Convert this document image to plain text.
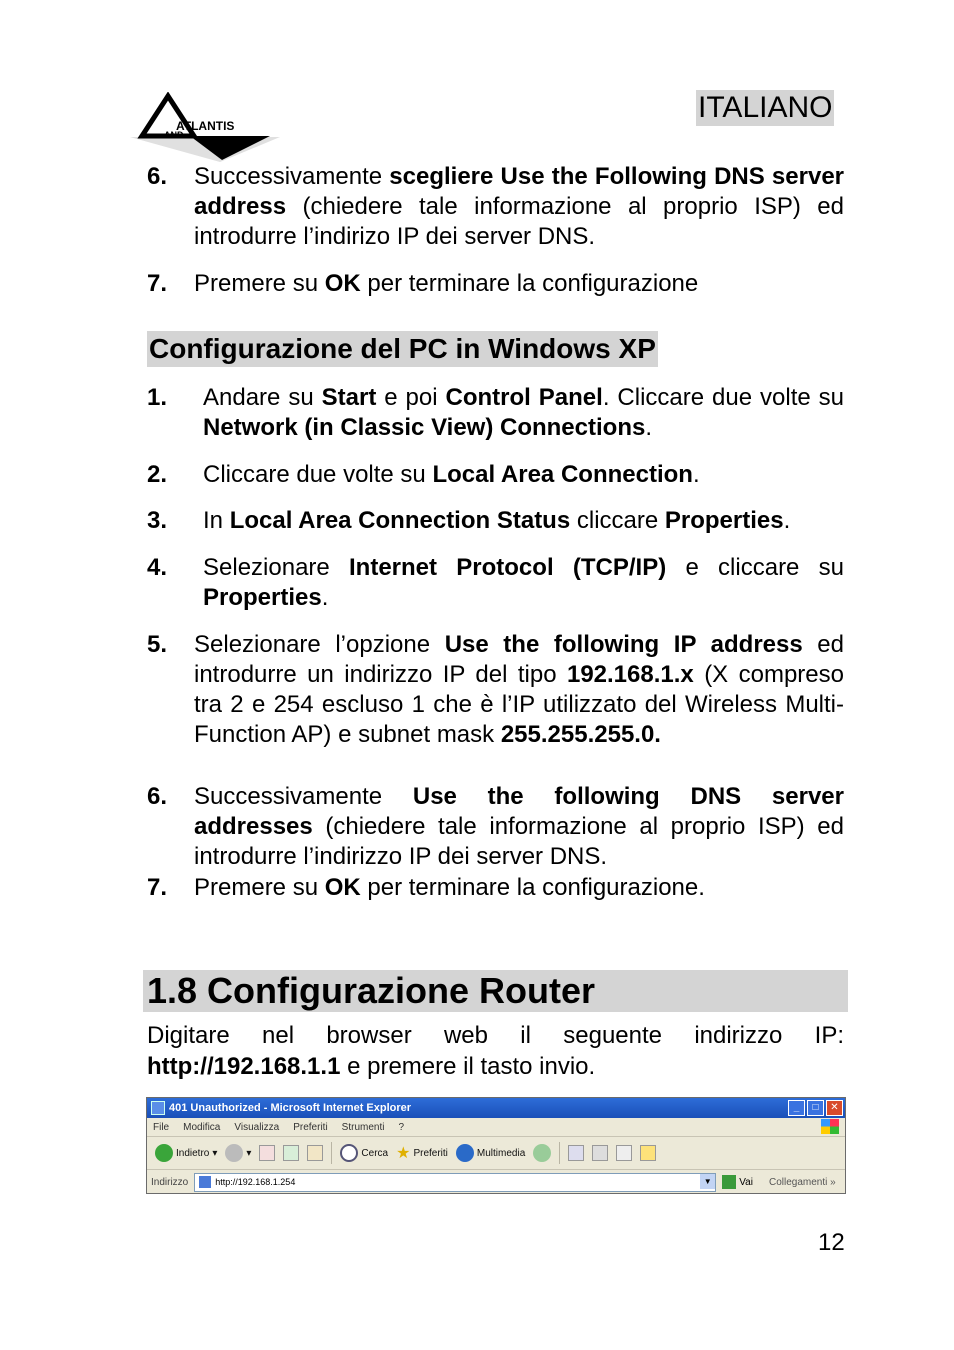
ATLANTIS
AND
ITALIANO
6. Successivamente scegliere Use the Following DNS server address (chiedere tale informazione al proprio ISP) ed introdurre l’indirizo IP dei server DNS.
7. Premere su OK per terminare la configurazione
Configurazione del PC in Windows XP
1. Andare su Start e poi Control Panel. Cliccare due volte su Network (in Classic View) Connections.
2. Cliccare due volte su Local Area Connection.
3. In Local Area Connection Status cliccare Properties.
4. Selezionare Internet Protocol (TCP/IP) e cliccare su Properties.
5. Selezionare l’opzione Use the following IP address ed introdurre un indirizzo IP del tipo 192.168.1.x (X compreso tra 2 e 254 escluso 1 che è l’IP utilizzato del Wireless Multi-Function AP) e subnet mask 255.255.255.0.
6. Successivamente Use the following DNS server addresses (chiedere tale informazione al proprio ISP) ed introdurre l’indirizzo IP dei server DNS.
7. Premere su OK per terminare la configurazione.
1.8 Configurazione Router
Digitare nel browser web il seguente indirizzo IP: http://192.168.1.1 e premere il tasto invio.
401 Unauthorized - Microsoft Internet Explorer	_	□	✕
File Modifica Visualizza Preferiti Strumenti ?
Indietro ▾	▾	Cerca ★ Preferiti	Multimedia
Indirizzo	http://192.168.1.254	▼	Vai Collegamenti »
12
